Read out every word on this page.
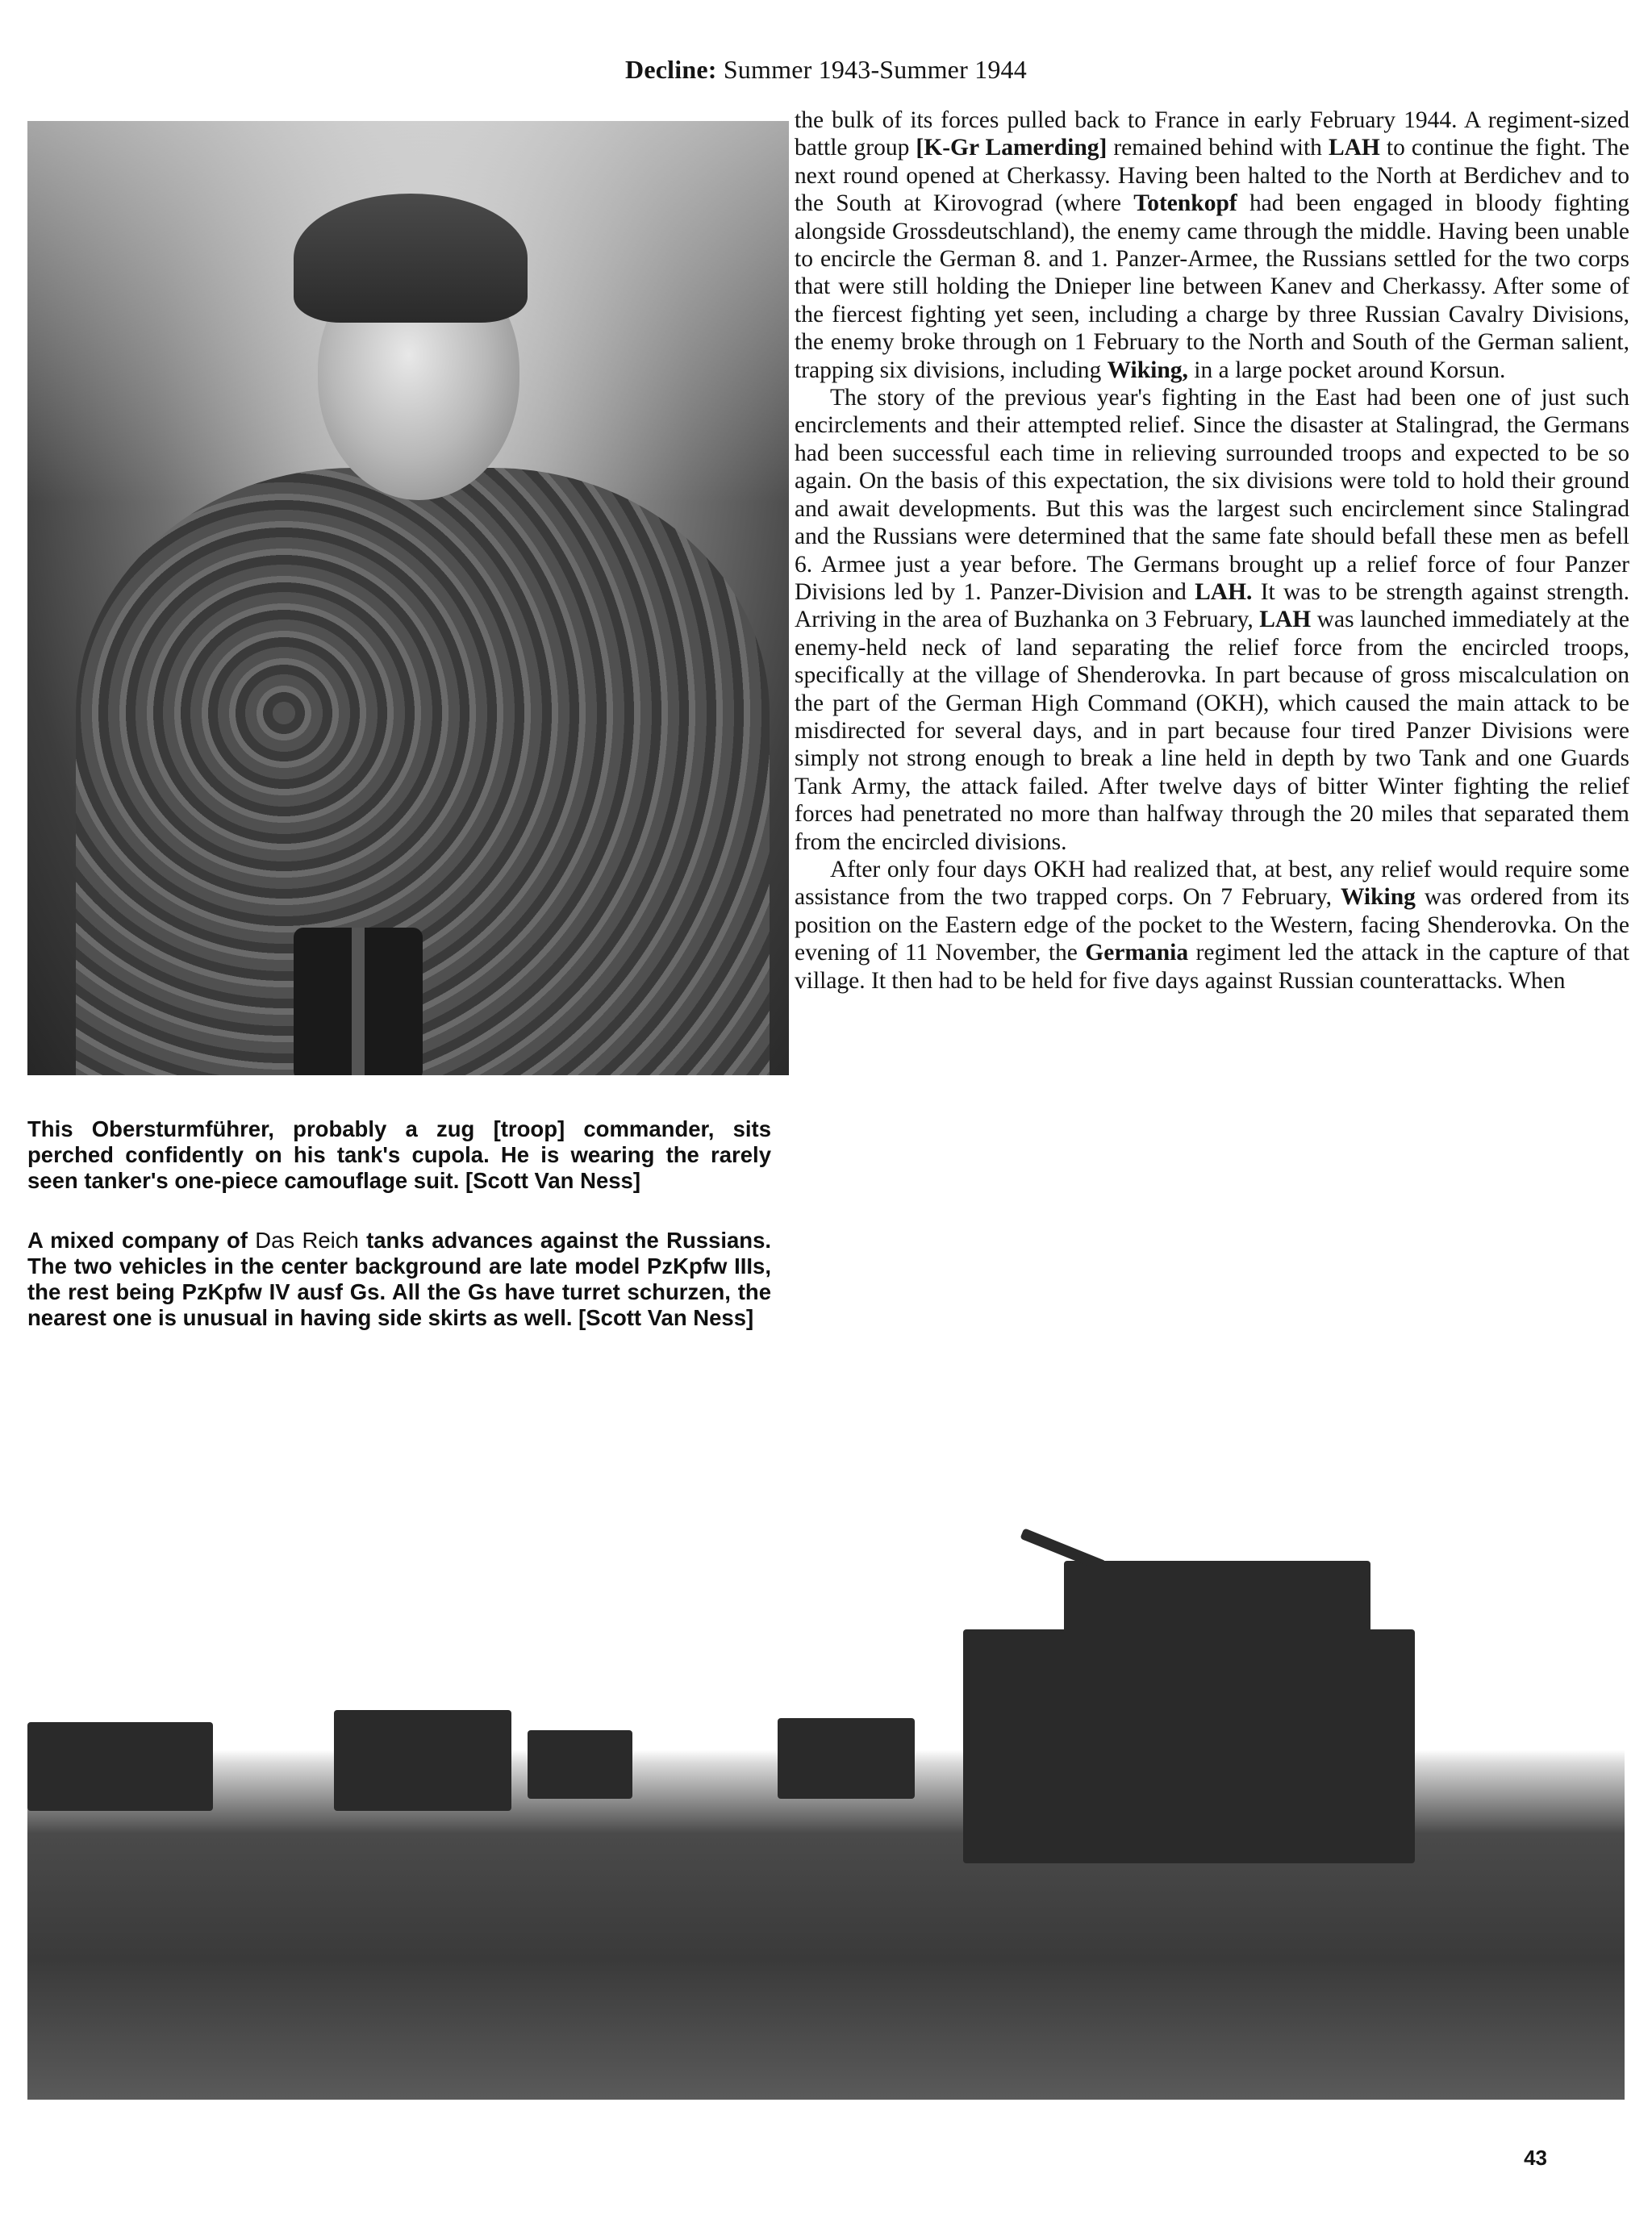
Decline: Summer 1943-Summer 1944

This Obersturmführer, probably a zug [troop] commander, sits perched confidently on his tank's cupola. He is wearing the rarely seen tanker's one-piece camouflage suit. [Scott Van Ness]

A mixed company of Das Reich tanks advances against the Russians. The two vehicles in the center background are late model PzKpfw IIIs, the rest being PzKpfw IV ausf Gs. All the Gs have turret schurzen, the nearest one is unusual in having side skirts as well. [Scott Van Ness]

the bulk of its forces pulled back to France in early February 1944. A regiment-sized battle group [K-Gr Lamerding] remained behind with LAH to continue the fight. The next round opened at Cherkassy. Having been halted to the North at Berdichev and to the South at Kirovograd (where Totenkopf had been engaged in bloody fighting alongside Grossdeutschland), the enemy came through the middle. Having been unable to encircle the German 8. and 1. Panzer-Armee, the Russians settled for the two corps that were still holding the Dnieper line between Kanev and Cherkassy. After some of the fiercest fighting yet seen, including a charge by three Russian Cavalry Divisions, the enemy broke through on 1 February to the North and South of the German salient, trapping six divisions, including Wiking, in a large pocket around Korsun.

The story of the previous year's fighting in the East had been one of just such encirclements and their attempted relief. Since the disaster at Stalingrad, the Germans had been successful each time in relieving surrounded troops and expected to be so again. On the basis of this expectation, the six divisions were told to hold their ground and await developments. But this was the largest such encirclement since Stalingrad and the Russians were determined that the same fate should befall these men as befell 6. Armee just a year before. The Germans brought up a relief force of four Panzer Divisions led by 1. Panzer-Division and LAH. It was to be strength against strength. Arriving in the area of Buzhanka on 3 February, LAH was launched immediately at the enemy-held neck of land separating the relief force from the encircled troops, specifically at the village of Shenderovka. In part because of gross miscalculation on the part of the German High Command (OKH), which caused the main attack to be misdirected for several days, and in part because four tired Panzer Divisions were simply not strong enough to break a line held in depth by two Tank and one Guards Tank Army, the attack failed. After twelve days of bitter Winter fighting the relief forces had penetrated no more than halfway through the 20 miles that separated them from the encircled divisions.

After only four days OKH had realized that, at best, any relief would require some assistance from the two trapped corps. On 7 February, Wiking was ordered from its position on the Eastern edge of the pocket to the Western, facing Shenderovka. On the evening of 11 November, the Germania regiment led the attack in the capture of that village. It then had to be held for five days against Russian counterattacks. When

43
